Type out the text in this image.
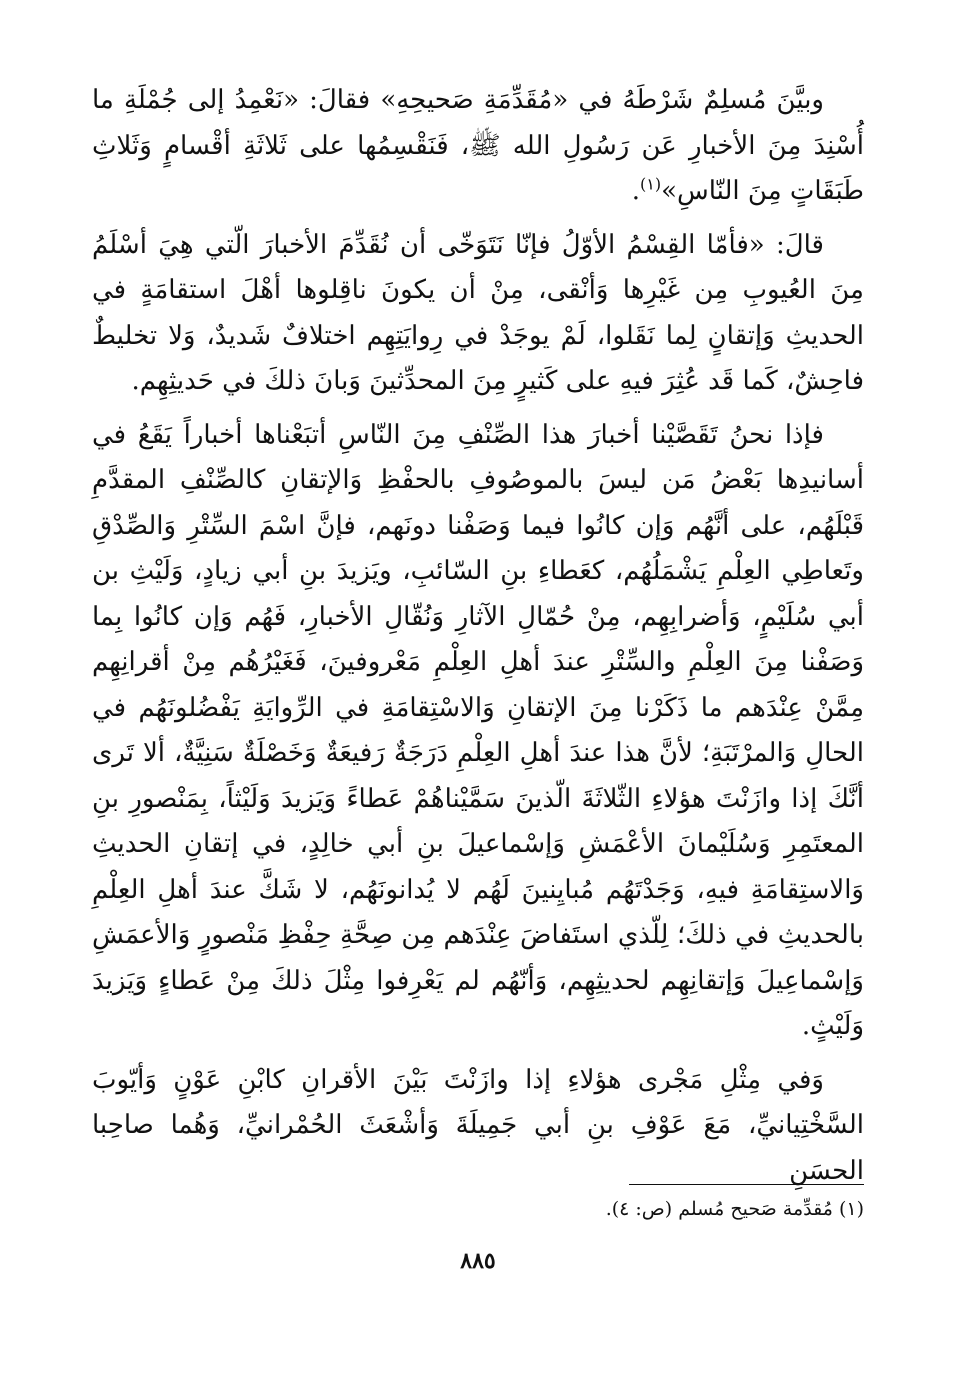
وبيَّنَ مُسلِمٌ شَرْطَهُ في «مُقَدِّمَةِ صَحيحِهِ» فقالَ: «نَعْمِدُ إلى جُمْلَةِ ما أُسْنِدَ مِنَ الأخبارِ عَن رَسُولِ الله ﷺ، فَنَقْسِمُها على ثَلاثَةِ أقْسامٍ وَثَلاثِ طَبَقَاتٍ مِنَ النّاسِ»$^{(١)}$.

قالَ: «فأمّا القِسْمُ الأوّلُ فإنّا نَتَوَخّى أن نُقَدِّمَ الأخبارَ الّتي هِيَ أسْلَمُ مِنَ العُيوبِ مِن غَيْرِها وَأنْقى، مِنْ أن يكونَ ناقِلوها أهْلَ استقامَةٍ في الحديثِ وَإتقانٍ لِما نَقَلوا، لَمْ يوجَدْ في رِوايَتِهِم اختلافٌ شَديدٌ، وَلا تخليطٌ فاحِشٌ، كَما قَد عُثِرَ فيهِ على كَثيرٍ مِنَ المحدِّثينَ وَبانَ ذلكَ في حَديثِهِم.

فإذا نحنُ تَقَصَّيْنا أخبارَ هذا الصِّنْفِ مِنَ النّاسِ أتبَعْناها أخباراً يَقَعُ في أسانيدِها بَعْضُ مَن ليسَ بالموصُوفِ بالحفْظِ وَالإتقانِ كالصِّنْفِ المقدَّمِ قَبْلَهُم، على أنَّهُم وَإن كانُوا فيما وَصَفْنا دونَهم، فإنَّ اسْمَ السِّتْرِ وَالصِّدْقِ وتَعاطِي العِلْمِ يَشْمَلُهُم، كعَطاءِ بنِ السّائبِ، ويَزيدَ بنِ أبي زيادٍ، وَلَيْثِ بن أبي سُلَيْمٍ، وَأضرابِهِم، مِنْ حُمّالِ الآثارِ وَنُقّالِ الأخبارِ، فَهُم وَإن كانُوا بِما وَصَفْنا مِنَ العِلْمِ والسِّتْرِ عندَ أهلِ العِلْمِ مَعْروفينَ، فَغَيْرُهُم مِنْ أقرانِهِم مِمَّنْ عِنْدَهم ما ذَكَرْنا مِنَ الإتقانِ وَالاسْتِقامَةِ في الرِّوايَةِ يَفْضُلونَهُم في الحالِ وَالمرْتَبَةِ؛ لأنَّ هذا عندَ أهلِ العِلْمِ دَرَجَةٌ رَفيعَةٌ وَخَصْلَةٌ سَنِيَّةٌ، ألا تَرى أنَّكَ إذا وازَنْتَ هؤلاءِ الثّلاثَةَ الّذينَ سَمَّيْناهُمْ عَطاءً وَيَزيدَ وَلَيْثاً، بِمَنْصورِ بنِ المعتَمِرِ وَسُلَيْمانَ الأعْمَشِ وَإسْماعيلَ بنِ أبي خالِدٍ، في إتقانِ الحديثِ وَالاستِقامَةِ فيهِ، وَجَدْتَهُم مُبايِنينَ لَهُم لا يُدانونَهُم، لا شَكَّ عندَ أهلِ العِلْمِ بالحديثِ في ذلكَ؛ لِلّذي استَفاضَ عِنْدَهم مِن صِحَّةِ حِفْظِ مَنْصورٍ وَالأعمَشِ وَإسْماعِيلَ وَإتقانِهِم لحديثِهِم، وَأنّهُم لم يَعْرِفوا مِثْلَ ذلكَ مِنْ عَطاءٍ وَيَزيدَ وَلَيْثٍ.

وَفي مِثْلِ مَجْرى هؤلاءِ إذا وازَنْتَ بَيْنَ الأقرانِ كابْنِ عَوْنٍ وَأيّوبَ السَّخْتِيانيِّ، مَعَ عَوْفِ بنِ أبي جَمِيلَةَ وَأشْعَثَ الحُمْرانيِّ، وَهُما صاحِبا الحسَنِ

(١) مُقدِّمة صَحيح مُسلم (ص: ٤).
٨٨٥
